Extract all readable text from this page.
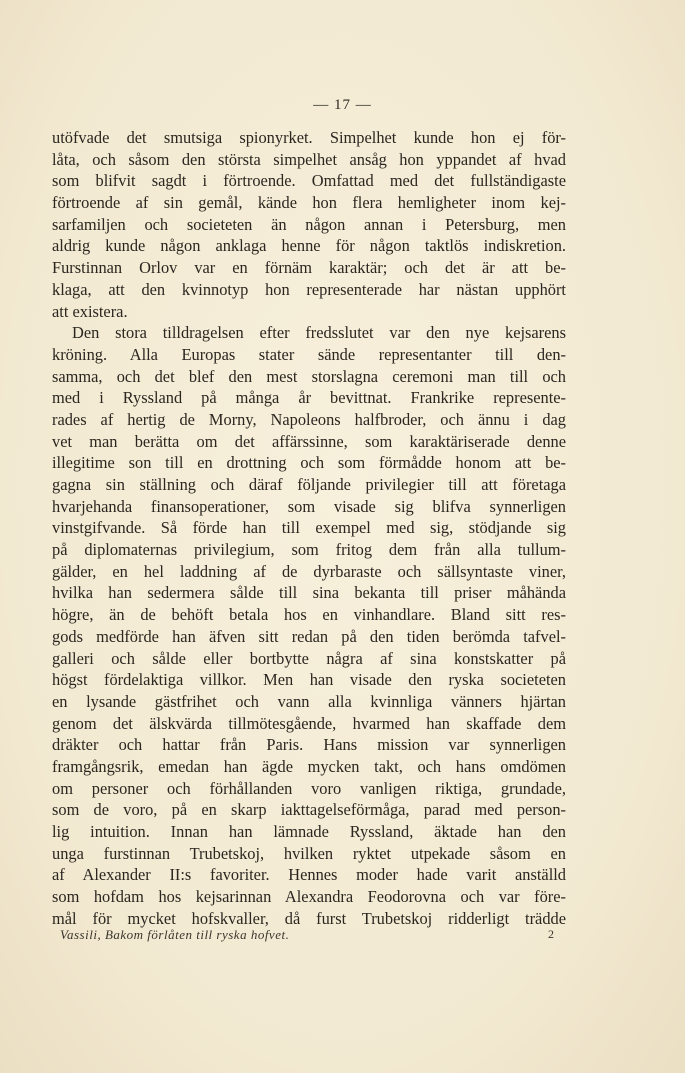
— 17 —
utöfvade det smutsiga spionyrket. Simpelhet kunde hon ej för-
låta, och såsom den största simpelhet ansåg hon yppandet af hvad
som blifvit sagdt i förtroende. Omfattad med det fullständigaste
förtroende af sin gemål, kände hon flera hemligheter inom kej-
sarfamiljen och societeten än någon annan i Petersburg, men
aldrig kunde någon anklaga henne för någon taktlös indiskretion.
Furstinnan Orlov var en förnäm karaktär; och det är att be-
klaga, att den kvinnotyp hon representerade har nästan upphört
att existera.
Den stora tilldragelsen efter fredsslutet var den nye kejsarens
kröning. Alla Europas stater sände representanter till den-
samma, och det blef den mest storslagna ceremoni man till och
med i Ryssland på många år bevittnat. Frankrike represente-
rades af hertig de Morny, Napoleons halfbroder, och ännu i dag
vet man berätta om det affärssinne, som karaktäriserade denne
illegitime son till en drottning och som förmådde honom att be-
gagna sin ställning och däraf följande privilegier till att företaga
hvarjehanda finansoperationer, som visade sig blifva synnerligen
vinstgifvande. Så förde han till exempel med sig, stödjande sig
på diplomaternas privilegium, som fritog dem från alla tullum-
gälder, en hel laddning af de dyrbaraste och sällsyntaste viner,
hvilka han sedermera sålde till sina bekanta till priser måhända
högre, än de behöft betala hos en vinhandlare. Bland sitt res-
gods medförde han äfven sitt redan på den tiden berömda tafvel-
galleri och sålde eller bortbytte några af sina konstskatter på
högst fördelaktiga villkor. Men han visade den ryska societeten
en lysande gästfrihet och vann alla kvinnliga vänners hjärtan
genom det älskvärda tillmötesgående, hvarmed han skaffade dem
dräkter och hattar från Paris. Hans mission var synnerligen
framgångsrik, emedan han ägde mycken takt, och hans omdömen
om personer och förhållanden voro vanligen riktiga, grundade,
som de voro, på en skarp iakttagelseförmåga, parad med person-
lig intuition. Innan han lämnade Ryssland, äktade han den
unga furstinnan Trubetskoj, hvilken ryktet utpekade såsom en
af Alexander II:s favoriter. Hennes moder hade varit anställd
som hofdam hos kejsarinnan Alexandra Feodorovna och var före-
mål för mycket hofskvaller, då furst Trubetskoj ridderligt trädde
Vassili, Bakom förlåten till ryska hofvet.	2
